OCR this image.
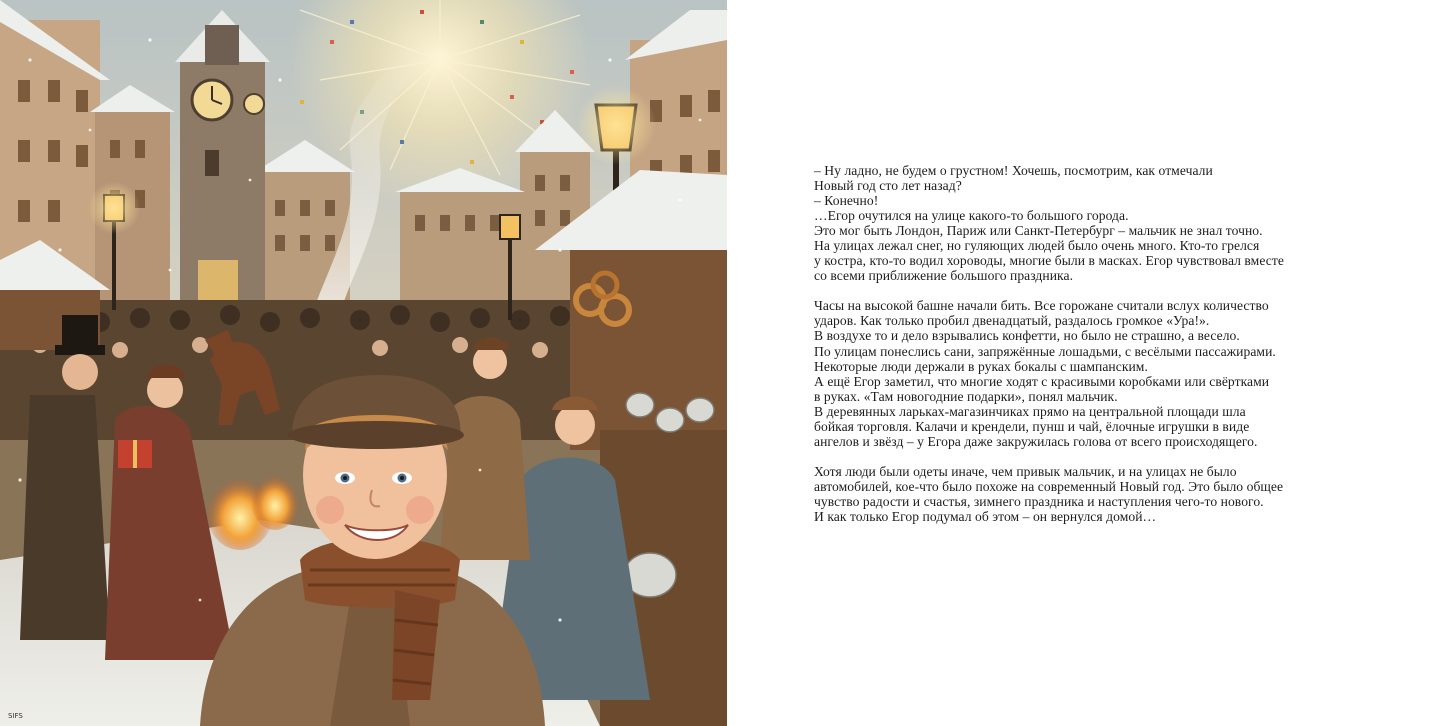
SIFS

– Ну ладно, не будем о грустном! Хочешь, посмотрим, как отмечали
Новый год сто лет назад?
– Конечно!
…Егор очутился на улице какого-то большого города.
Это мог быть Лондон, Париж или Санкт-Петербург – мальчик не знал точно.
На улицах лежал снег, но гуляющих людей было очень много. Кто-то грелся
у костра, кто-то водил хороводы, многие были в масках. Егор чувствовал вместе
со всеми приближение большого праздника.

Часы на высокой башне начали бить. Все горожане считали вслух количество
ударов. Как только пробил двенадцатый, раздалось громкое «Ура!».
В воздухе то и дело взрывались конфетти, но было не страшно, а весело.
По улицам понеслись сани, запряжённые лошадьми, с весёлыми пассажирами.
Некоторые люди держали в руках бокалы с шампанским.
А ещё Егор заметил, что многие ходят с красивыми коробками или свёртками
в руках. «Там новогодние подарки», понял мальчик.
В деревянных ларьках-магазинчиках прямо на центральной площади шла
бойкая торговля. Калачи и крендели, пунш и чай, ёлочные игрушки в виде
ангелов и звёзд – у Егора даже закружилась голова от всего происходящего.

Хотя люди были одеты иначе, чем привык мальчик, и на улицах не было
автомобилей, кое-что было похоже на современный Новый год. Это было общее
чувство радости и счастья, зимнего праздника и наступления чего-то нового.
И как только Егор подумал об этом – он вернулся домой…
